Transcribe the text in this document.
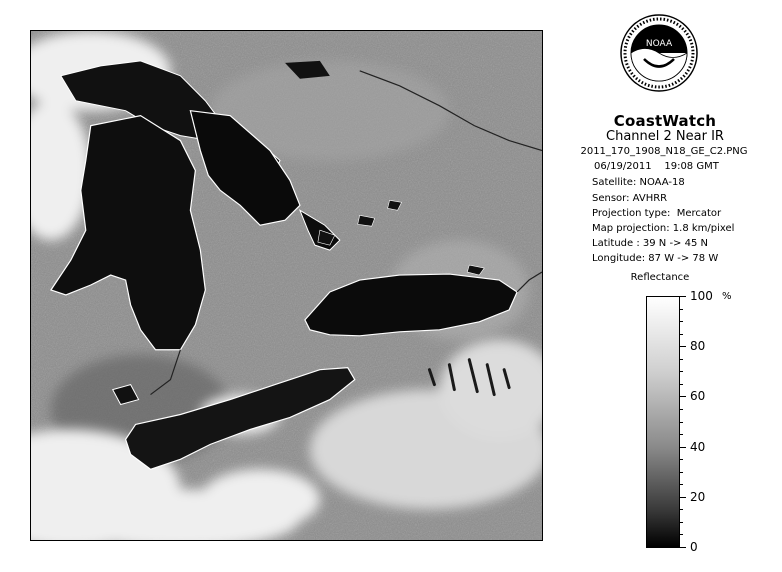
NOAA
CoastWatch
Channel 2 Near IR
2011_170_1908_N18_GE_C2.PNG
06/19/2011    19:08 GMT
Satellite: NOAA-18
Sensor: AVHRR
Projection type:  Mercator
Map projection: 1.8 km/pixel
Latitude : 39 N -> 45 N
Longitude: 87 W -> 78 W
Reflectance
%
100
80
60
40
20
0
